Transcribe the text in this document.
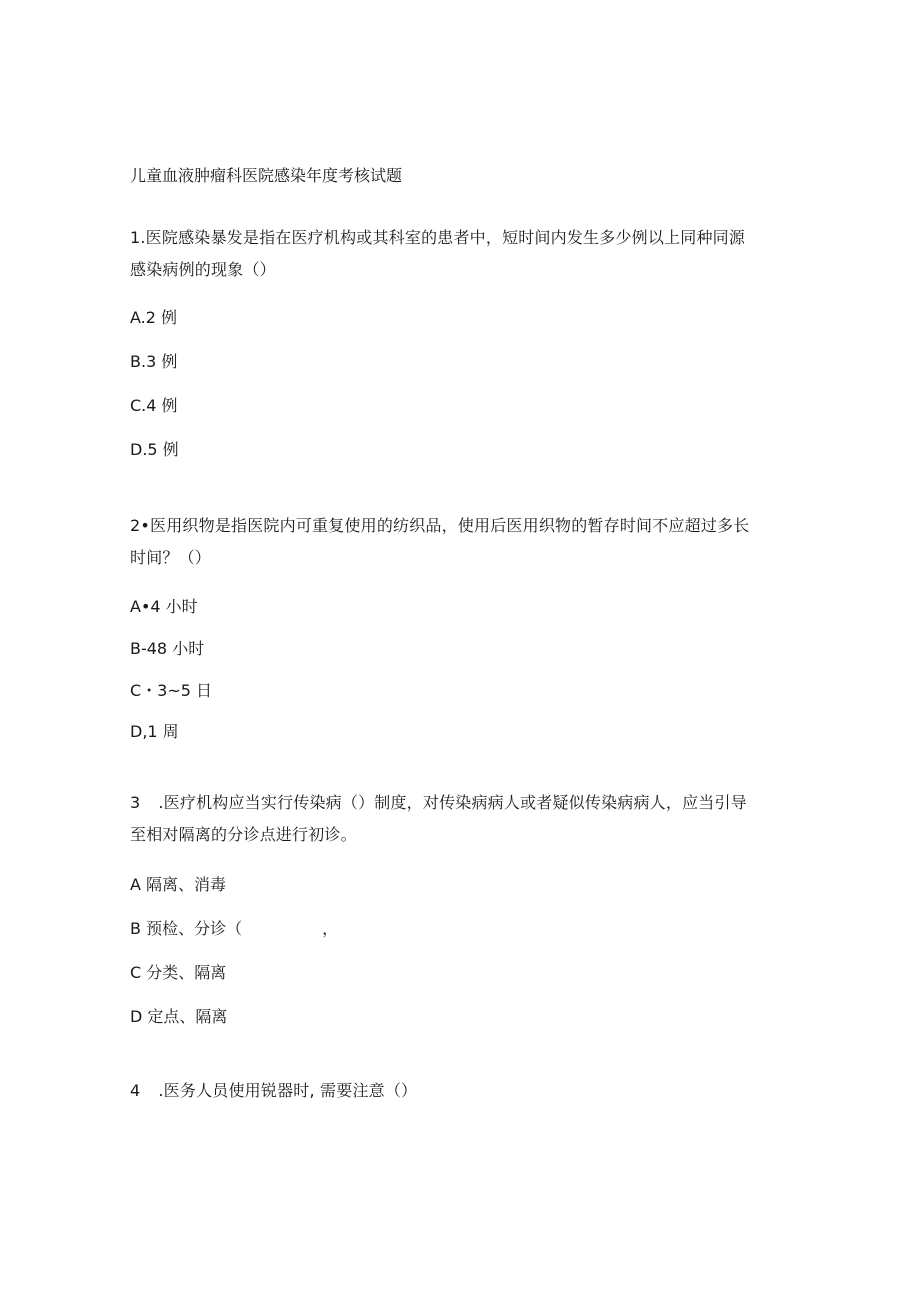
儿童血液肿瘤科医院感染年度考核试题
1.医院感染暴发是指在医疗机构或其科室的患者中，短时间内发生多少例以上同种同源
感染病例的现象（）
A.2 例
B.3 例
C.4 例
D.5 例
2•医用织物是指医院内可重复使用的纺织品，使用后医用织物的暂存时间不应超过多长
时间？（）
A•4 小时
B-48 小时
C・3~5 日
D,1 周
3 .医疗机构应当实行传染病（）制度，对传染病病人或者疑似传染病病人，应当引导
至相对隔离的分诊点进行初诊。
A 隔离、消毒
B 预检、分诊（	，
C 分类、隔离
D 定点、隔离
4 .医务人员使用锐器时, 需要注意（）
